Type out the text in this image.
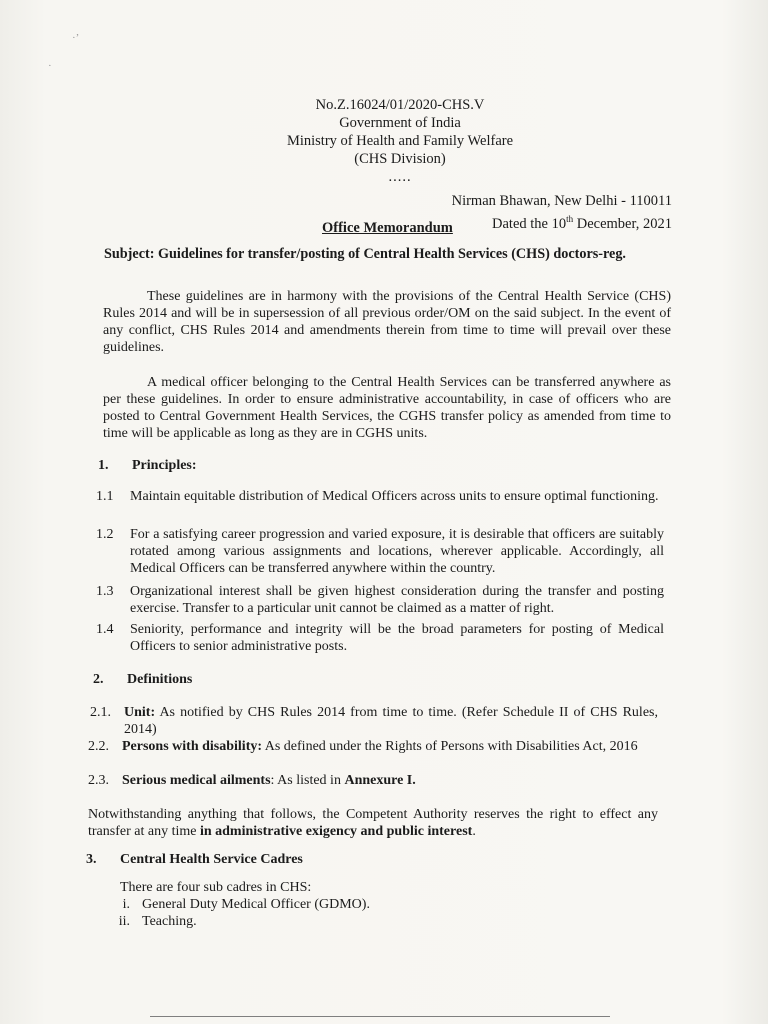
·ʼ
·
No.Z.16024/01/2020-CHS.V
Government of India
Ministry of Health and Family Welfare
(CHS Division)
.....
Nirman Bhawan, New Delhi - 110011
Dated the 10th December, 2021
Office Memorandum
Subject: Guidelines for transfer/posting of Central Health Services (CHS) doctors-reg.
These guidelines are in harmony with the provisions of the Central Health Service (CHS) Rules 2014 and will be in supersession of all previous order/OM on the said subject. In the event of any conflict, CHS Rules 2014 and amendments therein from time to time will prevail over these guidelines.
A medical officer belonging to the Central Health Services can be transferred anywhere as per these guidelines. In order to ensure administrative accountability, in case of officers who are posted to Central Government Health Services, the CGHS transfer policy as amended from time to time will be applicable as long as they are in CGHS units.
1. Principles:
1.1	Maintain equitable distribution of Medical Officers across units to ensure optimal functioning.
1.2	For a satisfying career progression and varied exposure, it is desirable that officers are suitably rotated among various assignments and locations, wherever applicable. Accordingly, all Medical Officers can be transferred anywhere within the country.
1.3	Organizational interest shall be given highest consideration during the transfer and posting exercise. Transfer to a particular unit cannot be claimed as a matter of right.
1.4	Seniority, performance and integrity will be the broad parameters for posting of Medical Officers to senior administrative posts.
2. Definitions
2.1. Unit: As notified by CHS Rules 2014 from time to time. (Refer Schedule II of CHS Rules, 2014)
2.2. Persons with disability: As defined under the Rights of Persons with Disabilities Act, 2016
2.3. Serious medical ailments: As listed in Annexure I.
Notwithstanding anything that follows, the Competent Authority reserves the right to effect any transfer at any time in administrative exigency and public interest.
3. Central Health Service Cadres
There are four sub cadres in CHS:
i. General Duty Medical Officer (GDMO).
ii. Teaching.
